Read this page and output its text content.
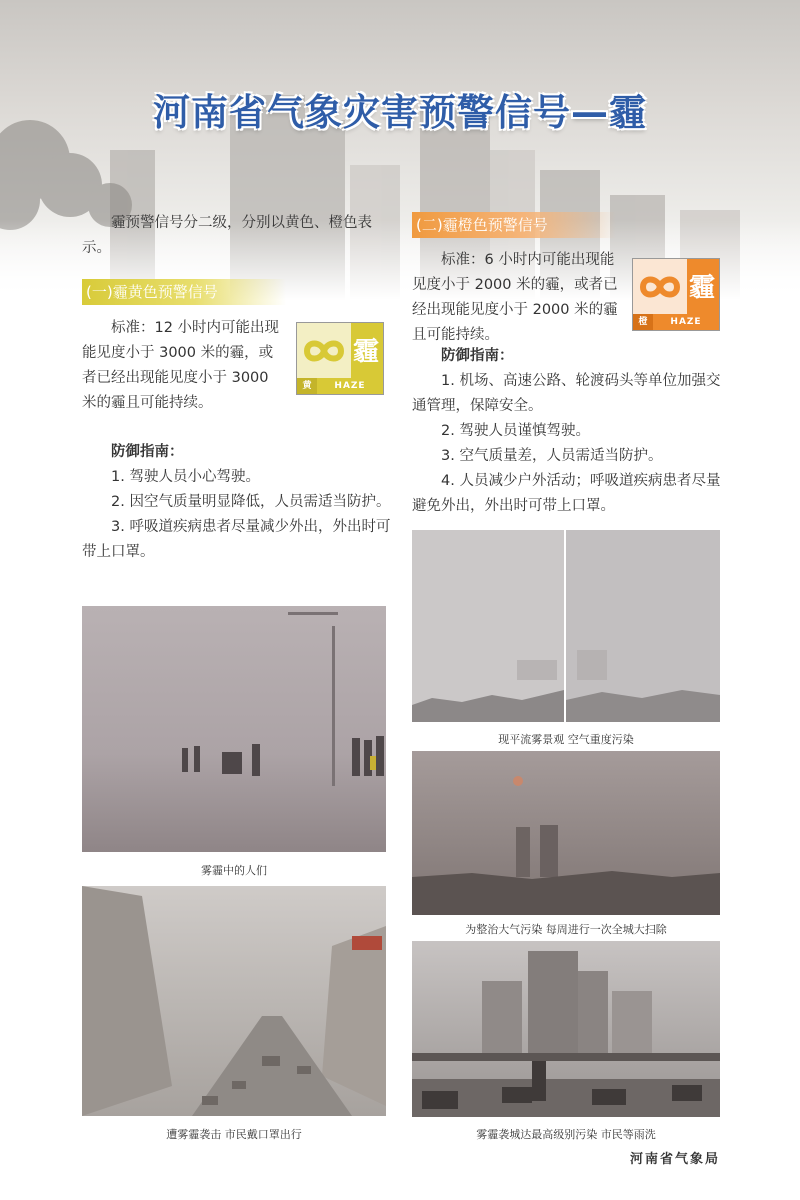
河南省气象灾害预警信号—霾
霾预警信号分二级，分别以黄色、橙色表示。
(一)霾黄色预警信号
标准：12 小时内可能出现能见度小于 3000 米的霾，或者已经出现能见度小于 3000 米的霾且可能持续。
霾
黄	HAZE
防御指南：
1. 驾驶人员小心驾驶。
2. 因空气质量明显降低，人员需适当防护。
3. 呼吸道疾病患者尽量减少外出，外出时可带上口罩。
(二)霾橙色预警信号
标准：6 小时内可能出现能见度小于 2000 米的霾，或者已经出现能见度小于 2000 米的霾且可能持续。
霾
橙	HAZE
防御指南：
1. 机场、高速公路、轮渡码头等单位加强交通管理，保障安全。
2. 驾驶人员谨慎驾驶。
3. 空气质量差，人员需适当防护。
4. 人员减少户外活动；呼吸道疾病患者尽量避免外出，外出时可带上口罩。
雾霾中的人们
遭雾霾袭击 市民戴口罩出行
现平流雾景观 空气重度污染
为整治大气污染 每周进行一次全城大扫除
雾霾袭城达最高级别污染 市民等雨洗
河南省气象局
